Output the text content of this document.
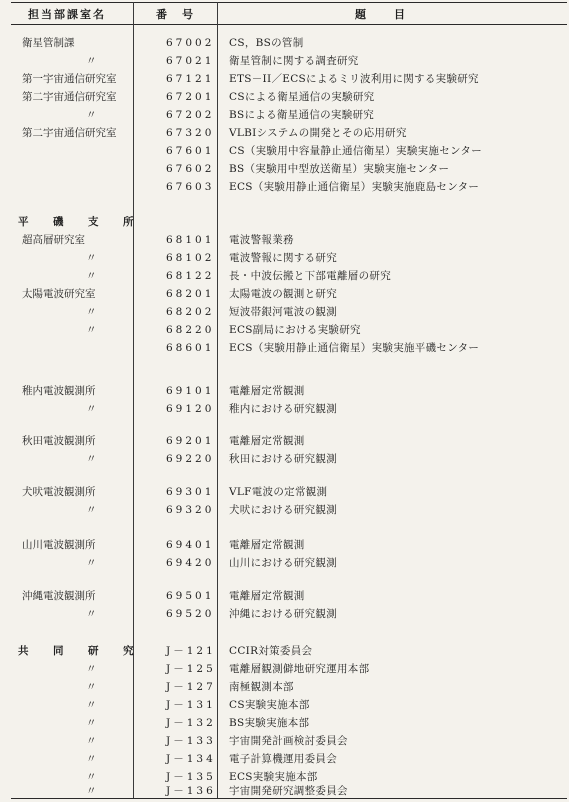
担当部課室名	番　号	題　　目
衛星管制課	67002 CS，BSの管制
〃	67021 衛星管制に関する調査研究
第一宇宙通信研究室	67121 ETS－II／ECSによるミリ波利用に関する実験研究
第二宇宙通信研究室	67201 CSによる衛星通信の実験研究
〃	67202 BSによる衛星通信の実験研究
第二宇宙通信研究室	67320 VLBIシステムの開発とその応用研究
67601 CS（実験用中容量静止通信衛星）実験実施センター
67602 BS（実験用中型放送衛星）実験実施センター
67603 ECS（実験用静止通信衛星）実験実施鹿島センター
平　磯　支　所
超高層研究室	68101 電波警報業務
〃	68102 電波警報に関する研究
〃	68122 長・中波伝搬と下部電離層の研究
太陽電波研究室	68201 太陽電波の観測と研究
〃	68202 短波帯銀河電波の観測
〃	68220 ECS副局における実験研究
68601 ECS（実験用静止通信衛星）実験実施平磯センター
稚内電波観測所	69101 電離層定常観測
〃	69120 稚内における研究観測
秋田電波観測所	69201 電離層定常観測
〃	69220 秋田における研究観測
犬吠電波観測所	69301 VLF電波の定常観測
〃	69320 犬吠における研究観測
山川電波観測所	69401 電離層定常観測
〃	69420 山川における研究観測
沖縄電波観測所	69501 電離層定常観測
〃	69520 沖縄における研究観測
共　同　研　究 J－121 CCIR対策委員会
〃	J－125 電離層観測僻地研究運用本部
〃	J－127 南極観測本部
〃	J－131 CS実験実施本部
〃	J－132 BS実験実施本部
〃	J－133 宇宙開発計画検討委員会
〃	J－134 電子計算機運用委員会
〃	J－135 ECS実験実施本部
〃	J－136 宇宙開発研究調整委員会
